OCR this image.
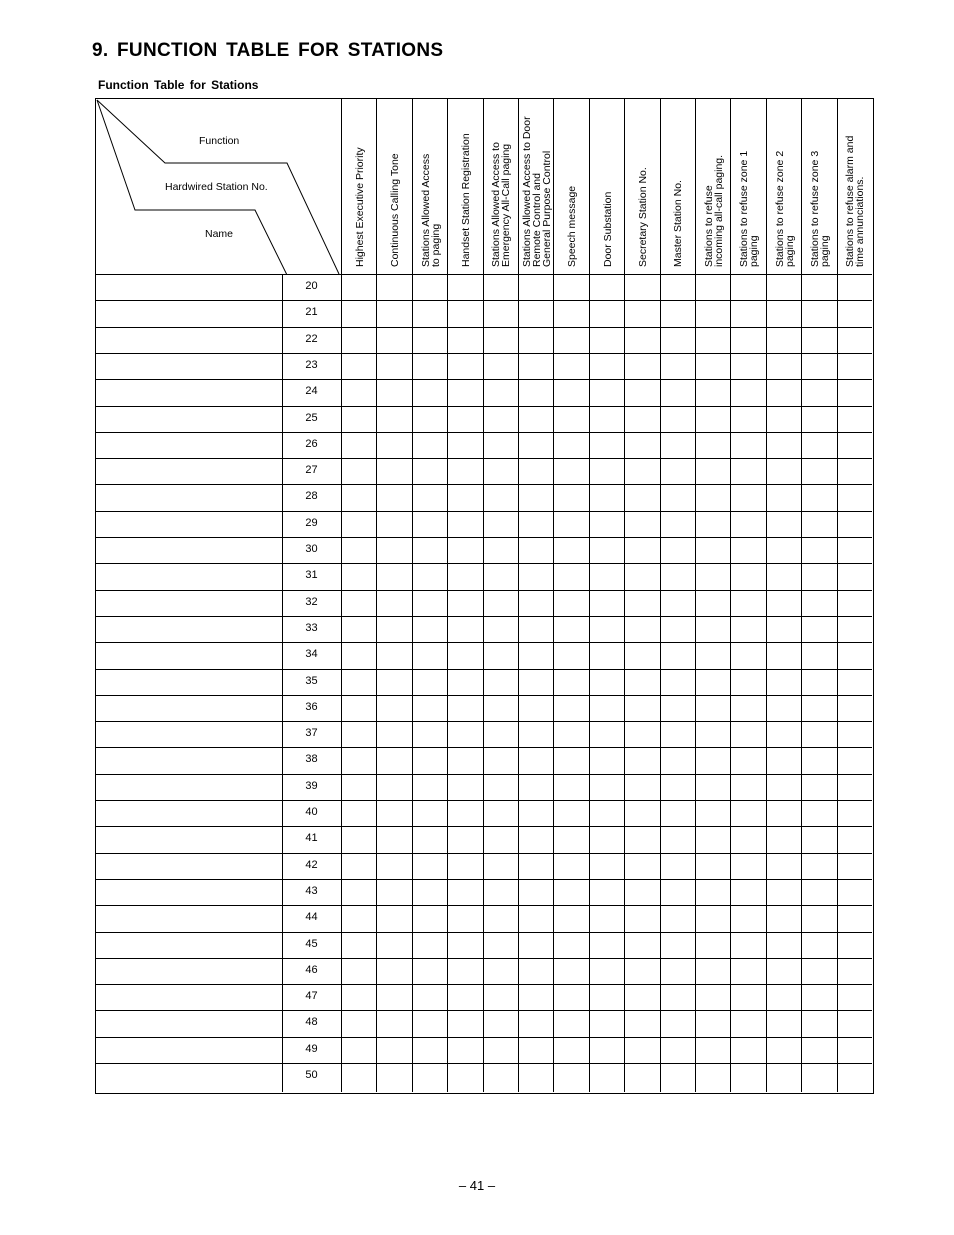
9. FUNCTION TABLE FOR STATIONS
Function Table for Stations
Function
Hardwired Station No.
Name	Highest Executive Priority Continuous Calling Tone Stations Allowed Access
to paging Handset Station Registration Stations Allowed Access to
Emergency All-Call paging
Stations Allowed Access to Door
Remote Control and
General Purpose Control
Speech message Door Substation Secretary Station No. Master Station No. Stations to refuse
incoming all-call paging.
Stations to refuse zone 1
paging Stations to refuse zone 2
paging Stations to refuse zone 3
paging Stations to refuse alarm and
time annunciations.
20
21
22
23
24
25
26
27
28
29
30
31
32
33
34
35
36
37
38
39
40
41
42
43
44
45
46
47
48
49
50
– 41 –
